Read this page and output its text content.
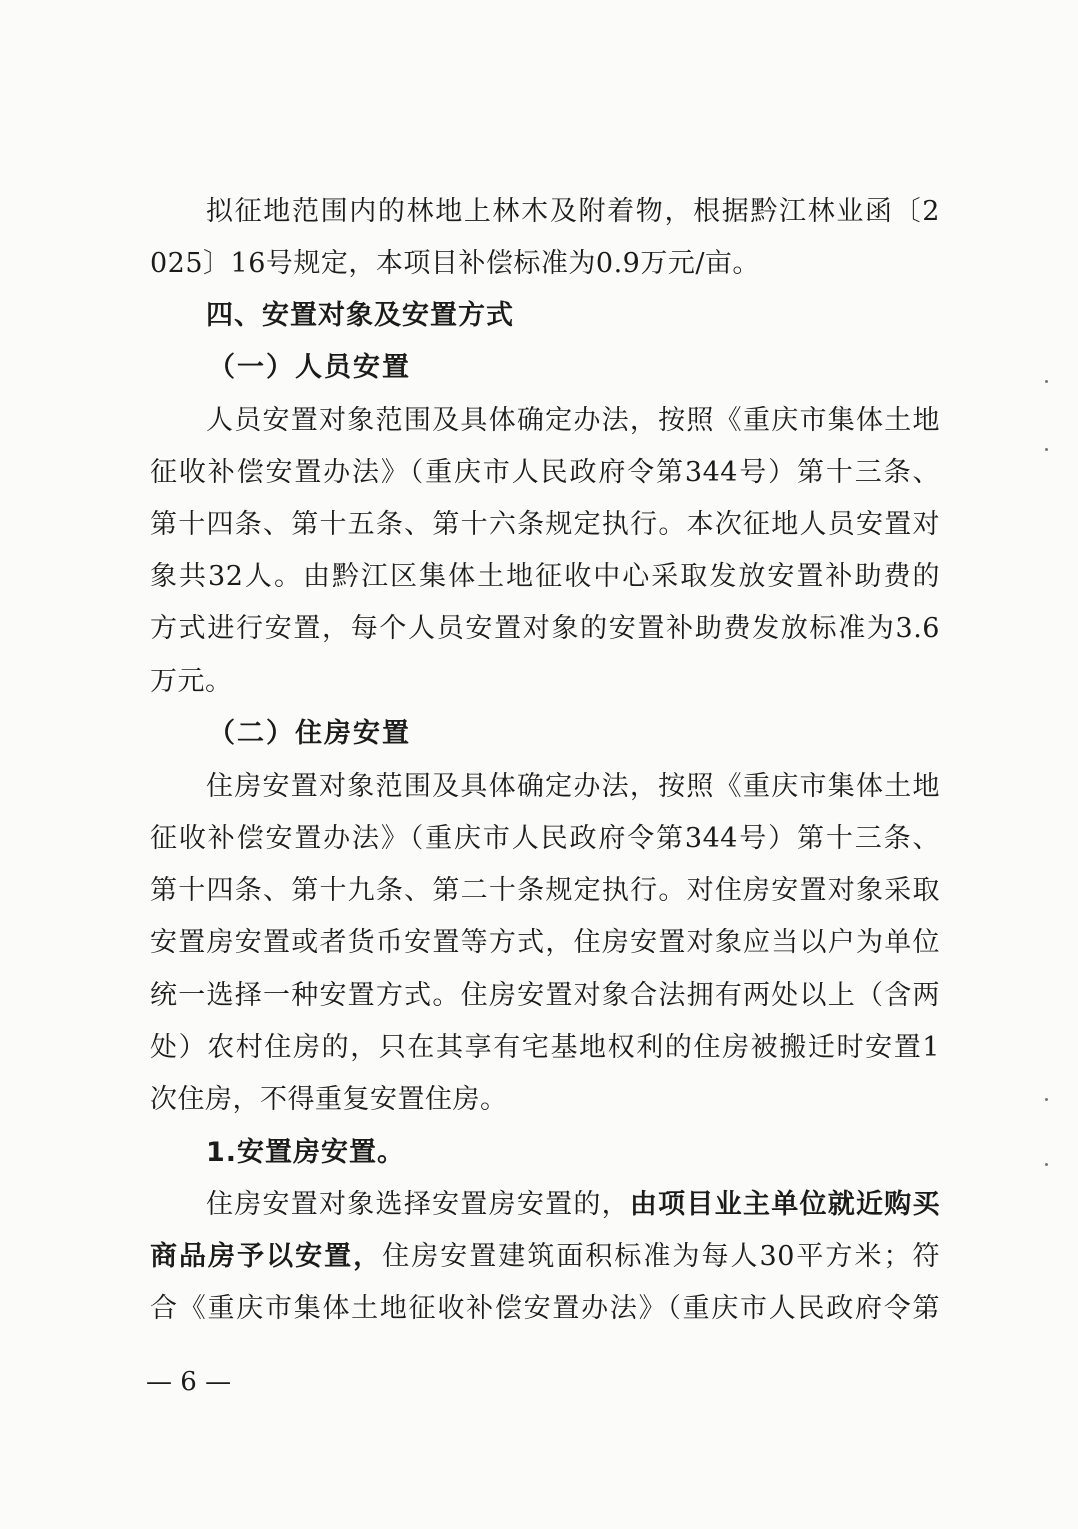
拟征地范围内的林地上林木及附着物，根据黔江林业函〔2
025〕16号规定，本项目补偿标准为0.9万元/亩。
四、安置对象及安置方式
（一）人员安置
人员安置对象范围及具体确定办法，按照《重庆市集体土地
征收补偿安置办法》（重庆市人民政府令第344号）第十三条、
第十四条、第十五条、第十六条规定执行。本次征地人员安置对
象共32人。由黔江区集体土地征收中心采取发放安置补助费的
方式进行安置，每个人员安置对象的安置补助费发放标准为3.6
万元。
（二）住房安置
住房安置对象范围及具体确定办法，按照《重庆市集体土地
征收补偿安置办法》（重庆市人民政府令第344号）第十三条、
第十四条、第十九条、第二十条规定执行。对住房安置对象采取
安置房安置或者货币安置等方式，住房安置对象应当以户为单位
统一选择一种安置方式。住房安置对象合法拥有两处以上（含两
处）农村住房的，只在其享有宅基地权利的住房被搬迁时安置1
次住房，不得重复安置住房。
1.安置房安置。
住房安置对象选择安置房安置的，由项目业主单位就近购买
商品房予以安置，住房安置建筑面积标准为每人30平方米；符
合《重庆市集体土地征收补偿安置办法》（重庆市人民政府令第
— 6 —
